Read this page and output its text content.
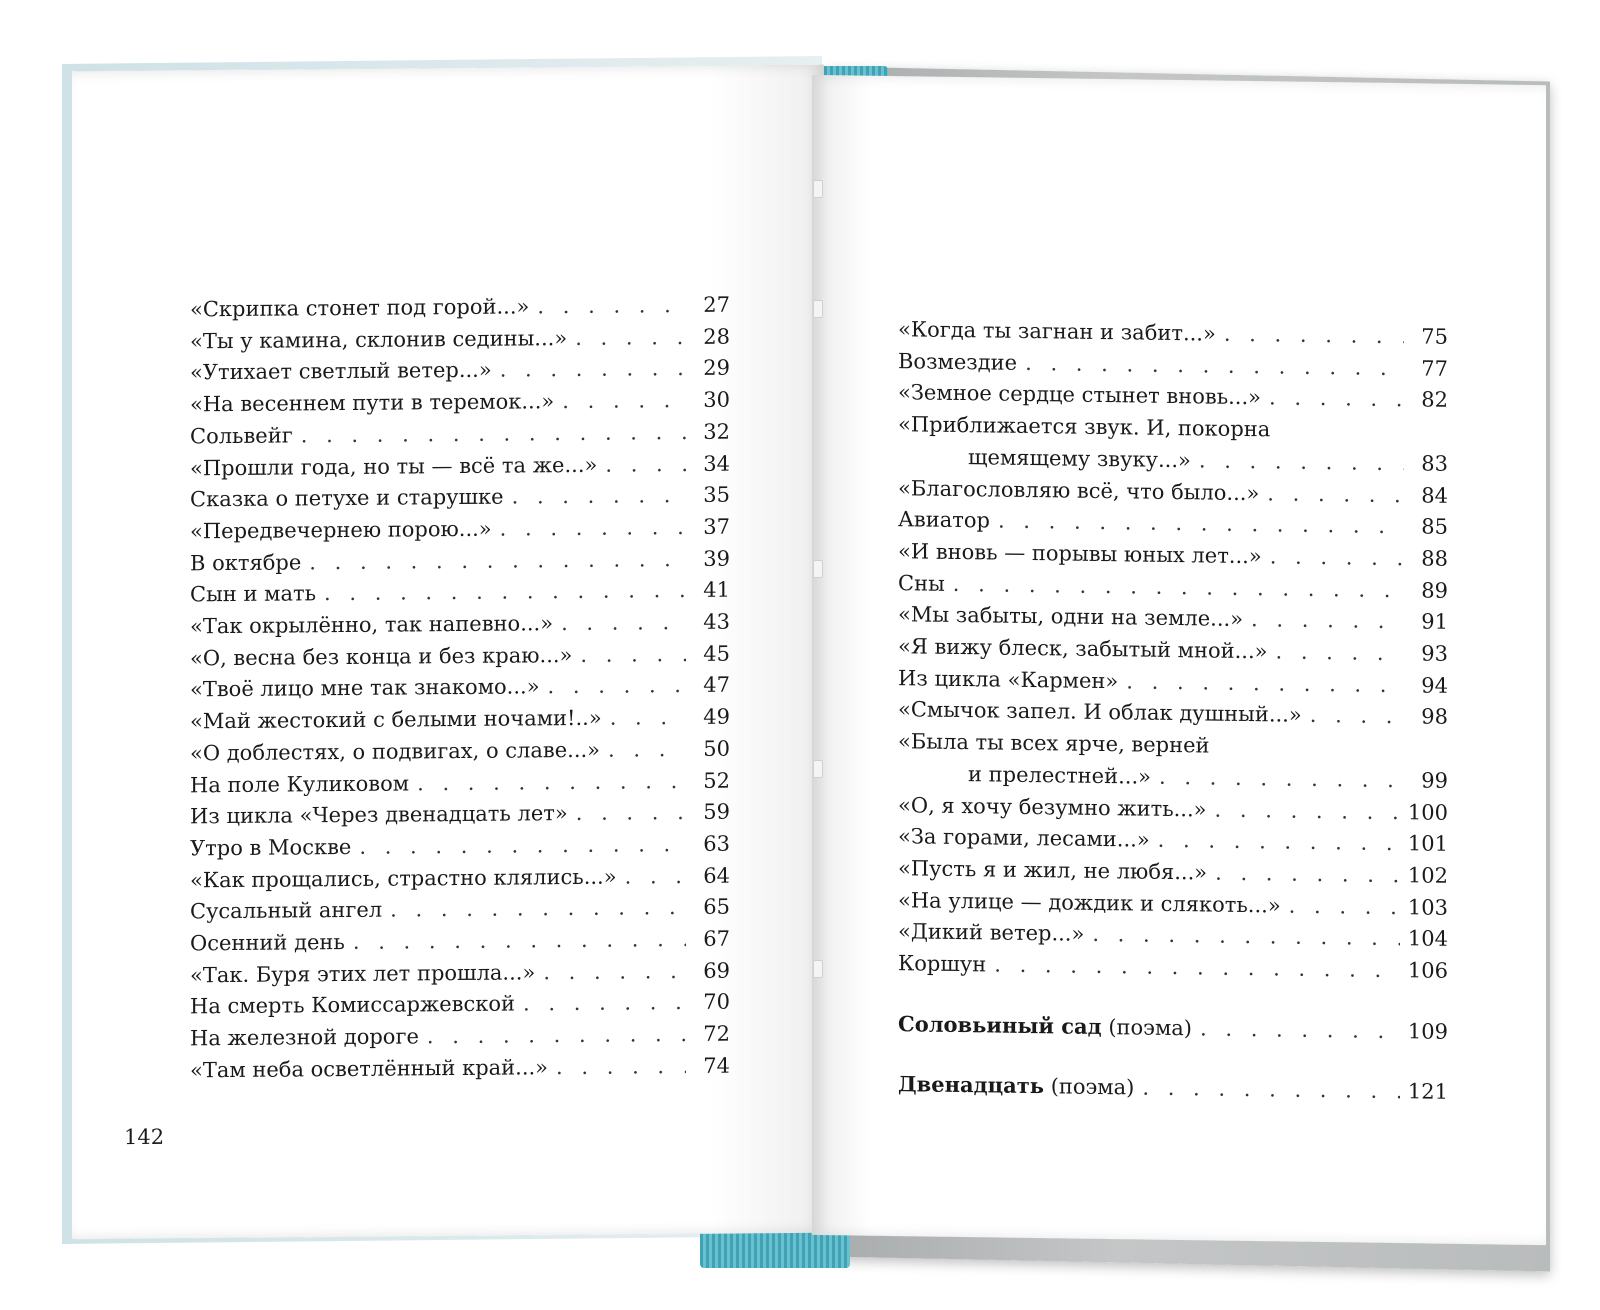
«Скрипка стонет под горой...» . . .	27
«Ты у камина, склонив седины...» . . .	28
«Утихает светлый ветер...» . . .	29
«На весеннем пути в теремок...» . . .	30
Сольвейг . . .	32
«Прошли года, но ты — всё та же...» . . .	34
Сказка о петухе и старушке . . .	35
«Передвечернею порою...» . . .	37
В октябре . . .	39
Сын и мать . . .	41
«Так окрылённо, так напевно...» . . .	43
«О, весна без конца и без краю...» . . .	45
«Твоё лицо мне так знакомо...» . . .	47
«Май жестокий с белыми ночами!..» . . .	49
«О доблестях, о подвигах, о славе...» . . .	50
На поле Куликовом . . .	52
Из цикла «Через двенадцать лет» . . .	59
Утро в Москве . . .	63
«Как прощались, страстно клялись...» . . .	64
Сусальный ангел . . .	65
Осенний день . . .	67
«Так. Буря этих лет прошла...» . . .	69
На смерть Комиссаржевской . . .	70
На железной дороге . . .	72
«Там неба осветлённый край...» . . .	74
«Когда ты загнан и забит...» . . .	75
Возмездие . . .	77
«Земное сердце стынет вновь...» . . .	82
«Приближается звук. И, покорна
щемящему звуку...» . . .	83
«Благословляю всё, что было...» . . .	84
Авиатор . . .	85
«И вновь — порывы юных лет...» . . .	88
Сны . . .	89
«Мы забыты, одни на земле...» . . .	91
«Я вижу блеск, забытый мной...» . . .	93
Из цикла «Кармен» . . .	94
«Смычок запел. И облак душный...» . . .	98
«Была ты всех ярче, верней
и прелестней...» . . .	99
«О, я хочу безумно жить...» . . .	100
«За горами, лесами...» . . .	101
«Пусть я и жил, не любя...» . . .	102
«На улице — дождик и слякоть...» . . .	103
«Дикий ветер...» . . .	104
Коршун . . .	106
Соловьиный сад (поэма) . . .	109
Двенадцать (поэма) . . .	121
142
